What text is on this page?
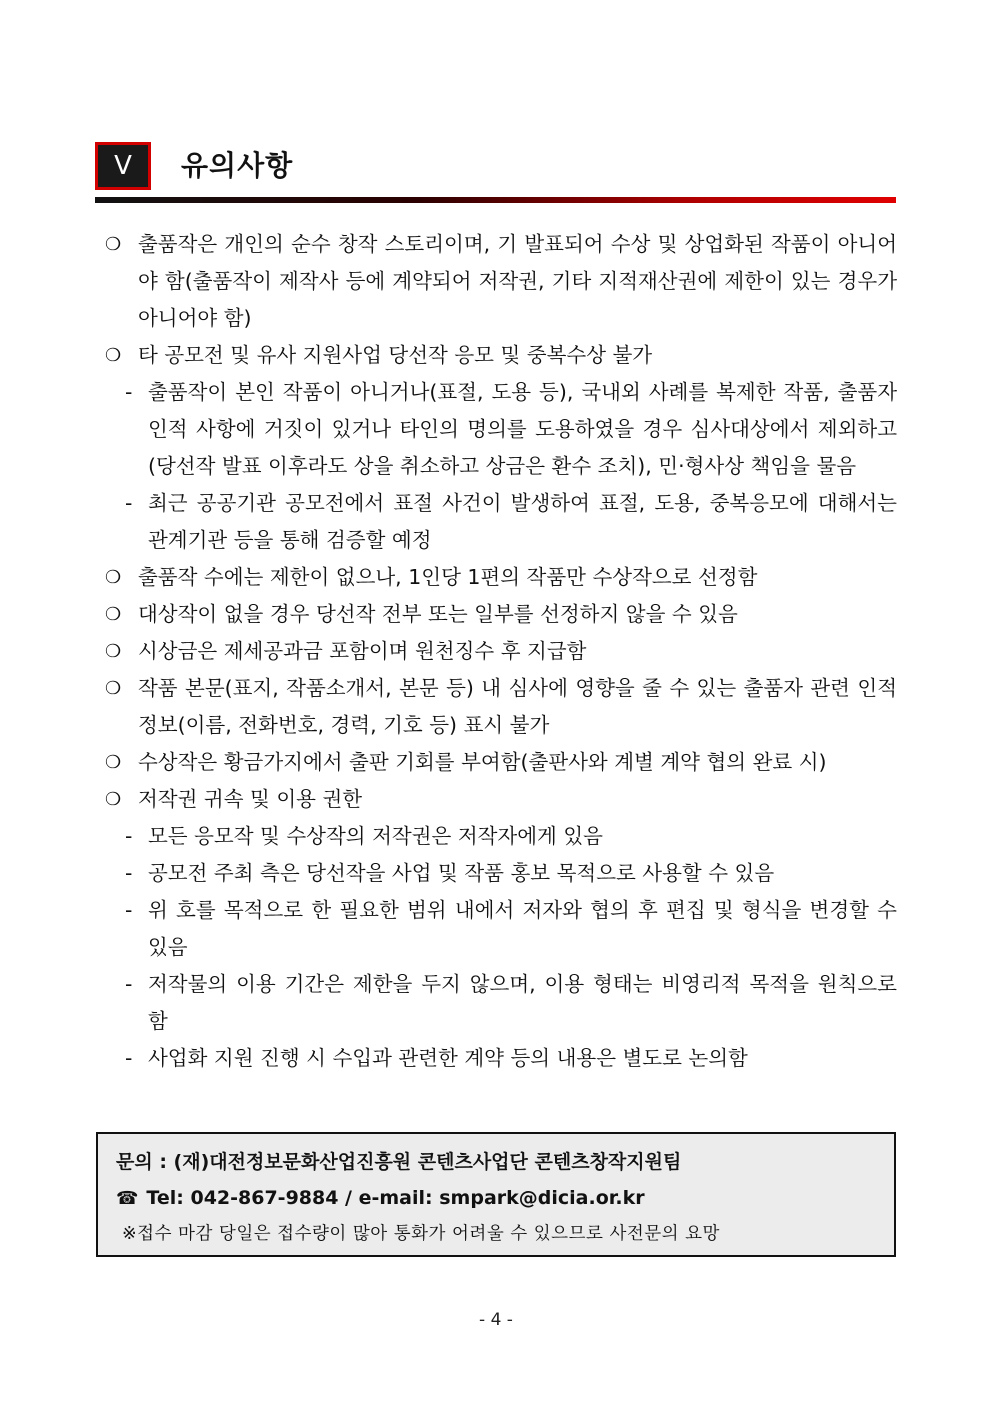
Ⅴ	유의사항
❍ 출품작은 개인의 순수 창작 스토리이며, 기 발표되어 수상 및 상업화된 작품이 아니어야 함(출품작이 제작사 등에 계약되어 저작권, 기타 지적재산권에 제한이 있는 경우가 아니어야 함)
❍ 타 공모전 및 유사 지원사업 당선작 응모 및 중복수상 불가
- 출품작이 본인 작품이 아니거나(표절, 도용 등), 국내외 사례를 복제한 작품, 출품자 인적 사항에 거짓이 있거나 타인의 명의를 도용하였을 경우 심사대상에서 제외하고(당선작 발표 이후라도 상을 취소하고 상금은 환수 조치), 민·형사상 책임을 물음
- 최근 공공기관 공모전에서 표절 사건이 발생하여 표절, 도용, 중복응모에 대해서는 관계기관 등을 통해 검증할 예정
❍ 출품작 수에는 제한이 없으나, 1인당 1편의 작품만 수상작으로 선정함
❍ 대상작이 없을 경우 당선작 전부 또는 일부를 선정하지 않을 수 있음
❍ 시상금은 제세공과금 포함이며 원천징수 후 지급함
❍ 작품 본문(표지, 작품소개서, 본문 등) 내 심사에 영향을 줄 수 있는 출품자 관련 인적정보(이름, 전화번호, 경력, 기호 등) 표시 불가
❍ 수상작은 황금가지에서 출판 기회를 부여함(출판사와 계별 계약 협의 완료 시)
❍ 저작권 귀속 및 이용 권한
- 모든 응모작 및 수상작의 저작권은 저작자에게 있음
- 공모전 주최 측은 당선작을 사업 및 작품 홍보 목적으로 사용할 수 있음
- 위 호를 목적으로 한 필요한 범위 내에서 저자와 협의 후 편집 및 형식을 변경할 수 있음
- 저작물의 이용 기간은 제한을 두지 않으며, 이용 형태는 비영리적 목적을 원칙으로 함
- 사업화 지원 진행 시 수입과 관련한 계약 등의 내용은 별도로 논의함
문의 : (재)대전정보문화산업진흥원 콘텐츠사업단 콘텐츠창작지원팀
☎ Tel: 042-867-9884 / e-mail: smpark@dicia.or.kr
※접수 마감 당일은 접수량이 많아 통화가 어려울 수 있으므로 사전문의 요망
- 4 -
